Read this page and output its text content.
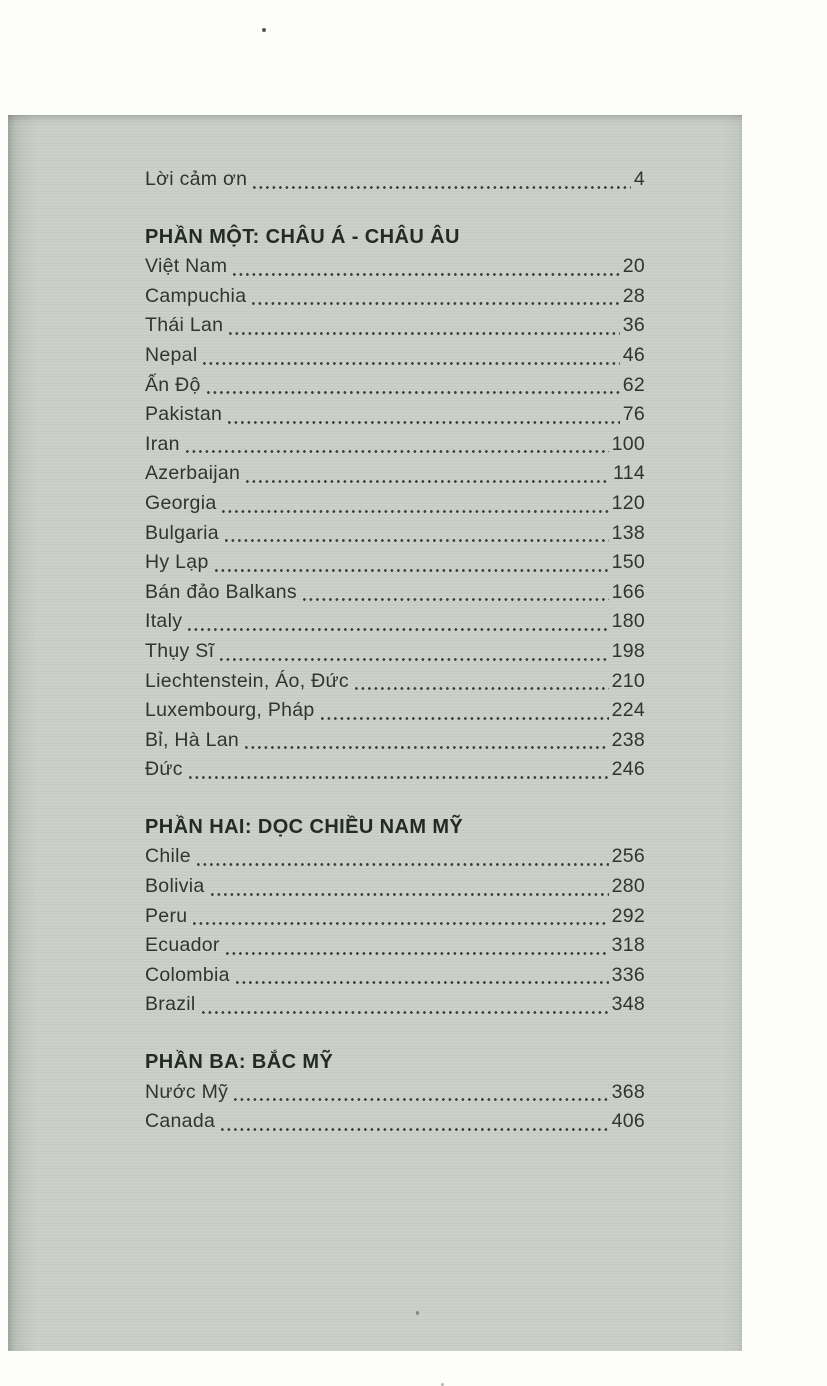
Lời cảm ơn	4
PHẦN MỘT: CHÂU Á - CHÂU ÂU
Việt Nam	20
Campuchia	28
Thái Lan	36
Nepal	46
Ấn Độ	62
Pakistan	76
Iran	100
Azerbaijan	114
Georgia	120
Bulgaria	138
Hy Lạp	150
Bán đảo Balkans	166
Italy	180
Thụy Sĩ	198
Liechtenstein, Áo, Đức	210
Luxembourg, Pháp	224
Bỉ, Hà Lan	238
Đức	246
PHẦN HAI: DỌC CHIỀU NAM MỸ
Chile	256
Bolivia	280
Peru	292
Ecuador	318
Colombia	336
Brazil	348
PHẦN BA: BẮC MỸ
Nước Mỹ	368
Canada	406
